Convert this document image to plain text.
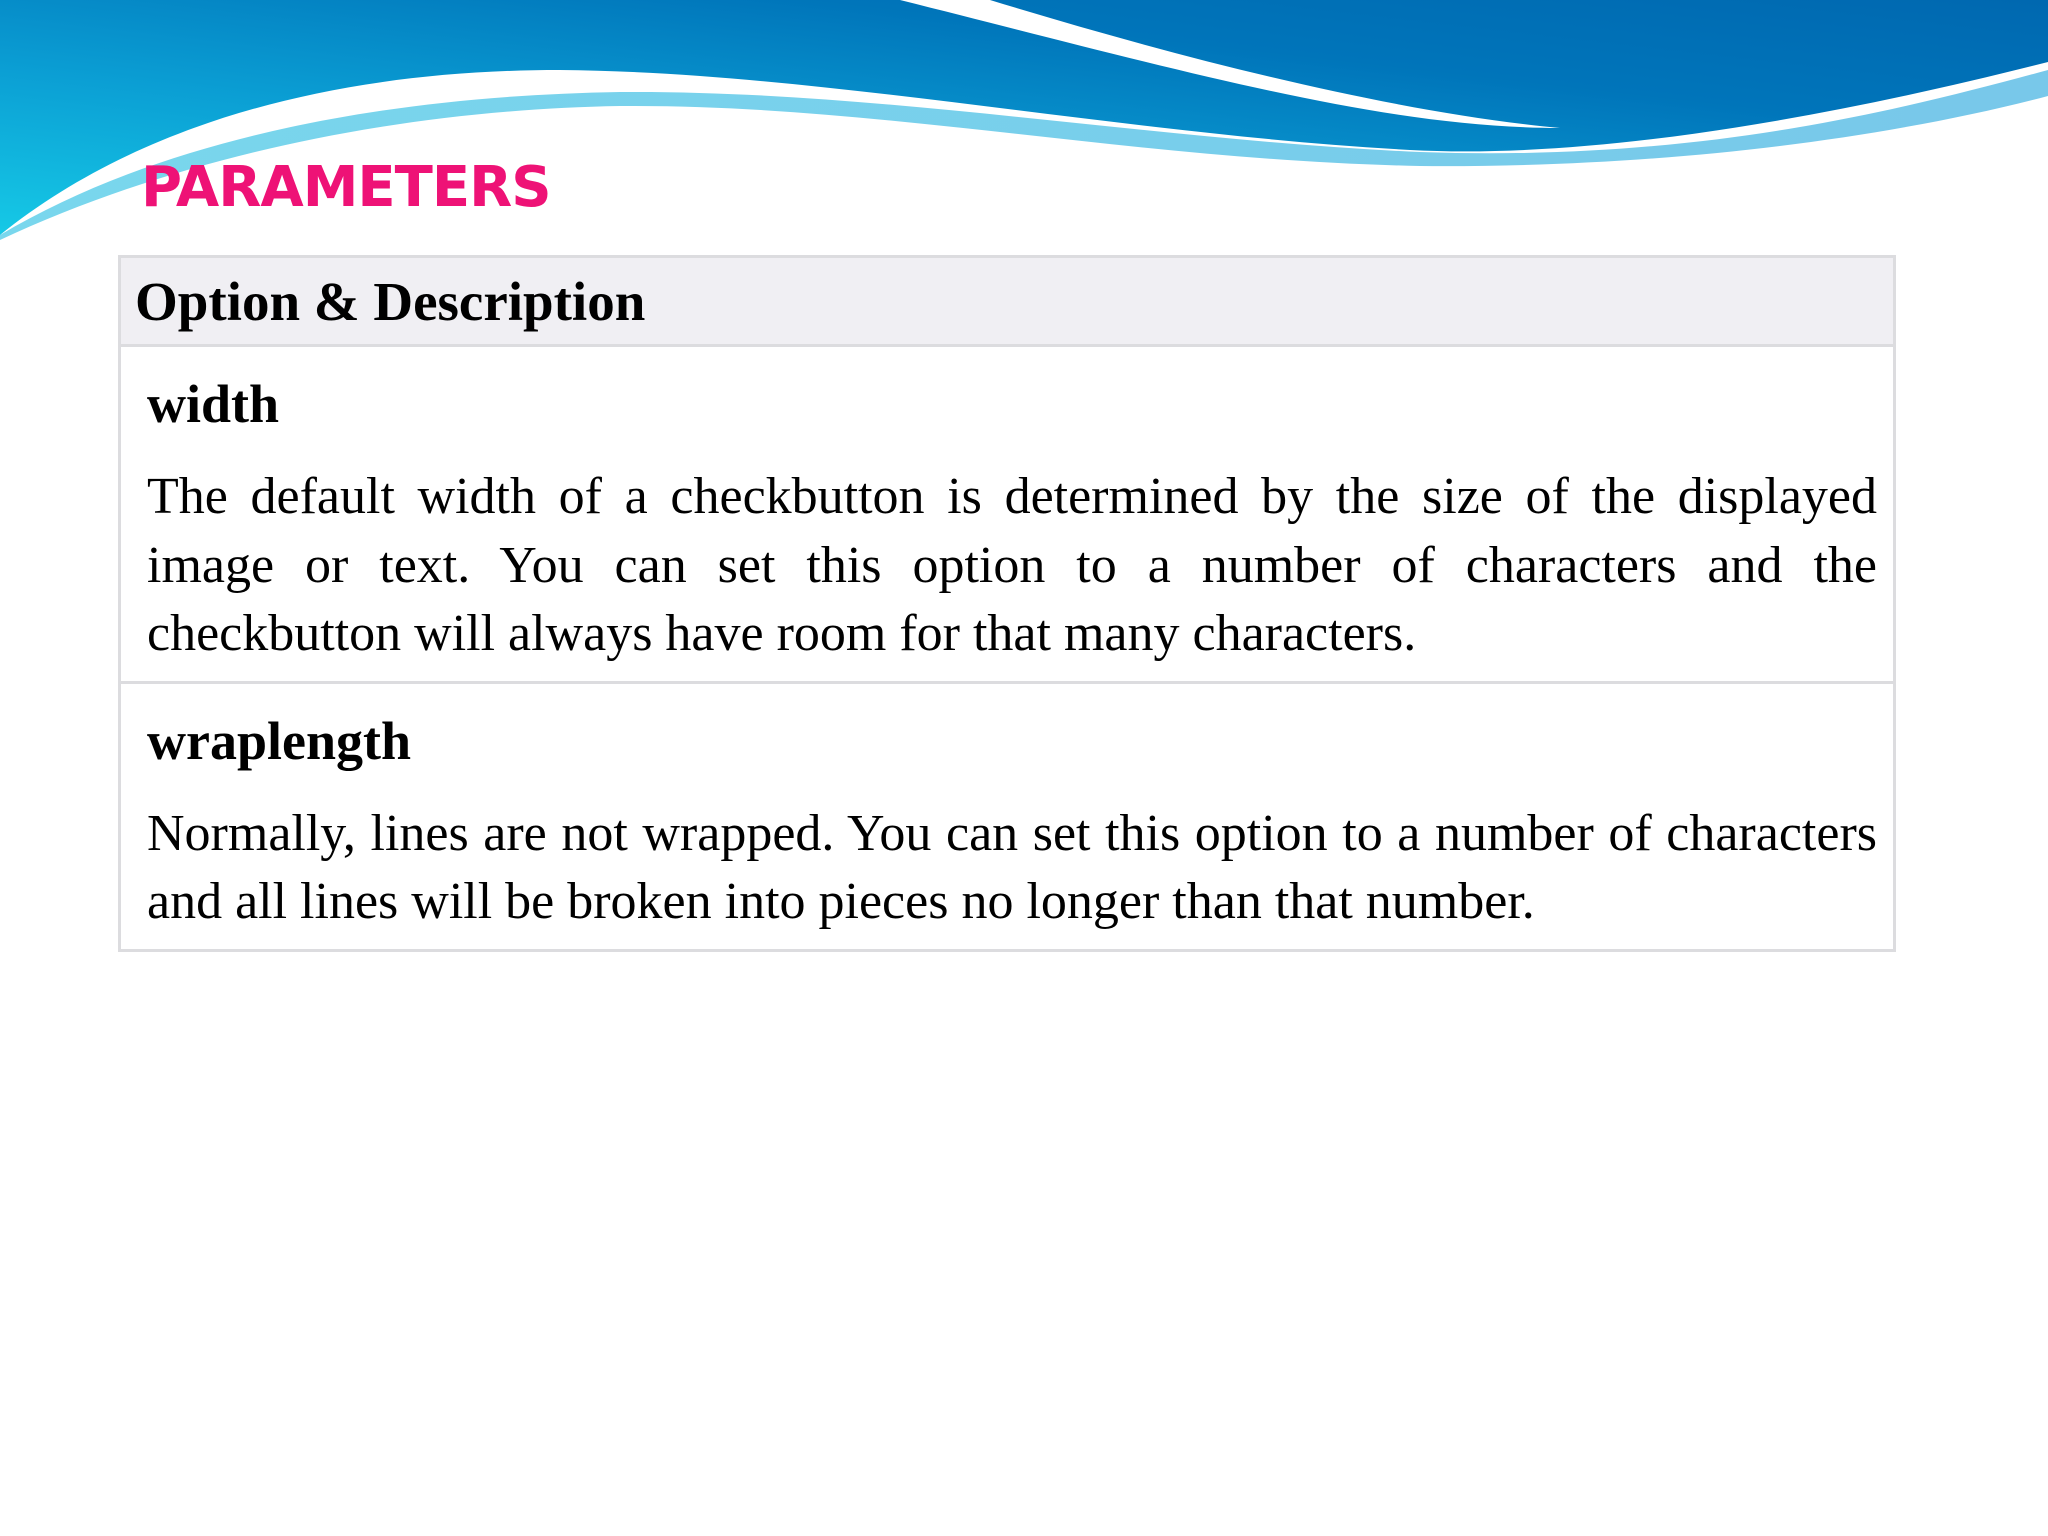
PARAMETERS
Option & Description

width

The default width of a checkbutton is determined by the size of the displayed image or text. You can set this option to a number of characters and the checkbutton will always have room for that many characters.

wraplength

Normally, lines are not wrapped. You can set this option to a number of characters and all lines will be broken into pieces no longer than that number.
